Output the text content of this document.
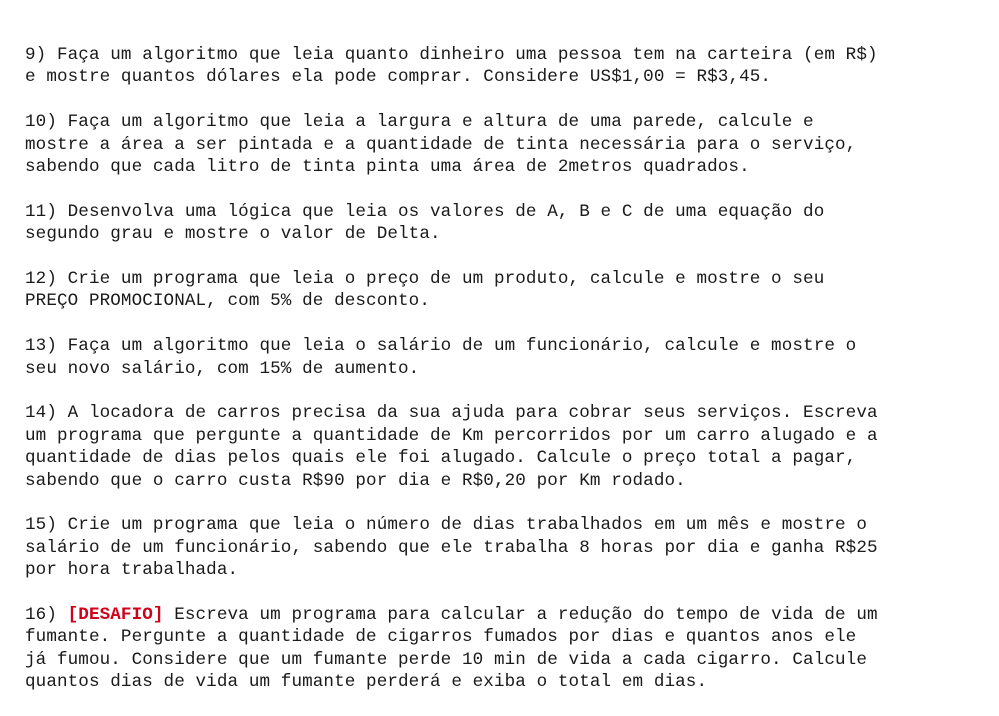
9) Faça um algoritmo que leia quanto dinheiro uma pessoa tem na carteira (em R$)
e mostre quantos dólares ela pode comprar. Considere US$1,00 = R$3,45.
10) Faça um algoritmo que leia a largura e altura de uma parede, calcule e
mostre a área a ser pintada e a quantidade de tinta necessária para o serviço,
sabendo que cada litro de tinta pinta uma área de 2metros quadrados.
11) Desenvolva uma lógica que leia os valores de A, B e C de uma equação do
segundo grau e mostre o valor de Delta.
12) Crie um programa que leia o preço de um produto, calcule e mostre o seu
PREÇO PROMOCIONAL, com 5% de desconto.
13) Faça um algoritmo que leia o salário de um funcionário, calcule e mostre o
seu novo salário, com 15% de aumento.
14) A locadora de carros precisa da sua ajuda para cobrar seus serviços. Escreva
um programa que pergunte a quantidade de Km percorridos por um carro alugado e a
quantidade de dias pelos quais ele foi alugado. Calcule o preço total a pagar,
sabendo que o carro custa R$90 por dia e R$0,20 por Km rodado.
15) Crie um programa que leia o número de dias trabalhados em um mês e mostre o
salário de um funcionário, sabendo que ele trabalha 8 horas por dia e ganha R$25
por hora trabalhada.
16) [DESAFIO] Escreva um programa para calcular a redução do tempo de vida de um
fumante. Pergunte a quantidade de cigarros fumados por dias e quantos anos ele
já fumou. Considere que um fumante perde 10 min de vida a cada cigarro. Calcule
quantos dias de vida um fumante perderá e exiba o total em dias.
